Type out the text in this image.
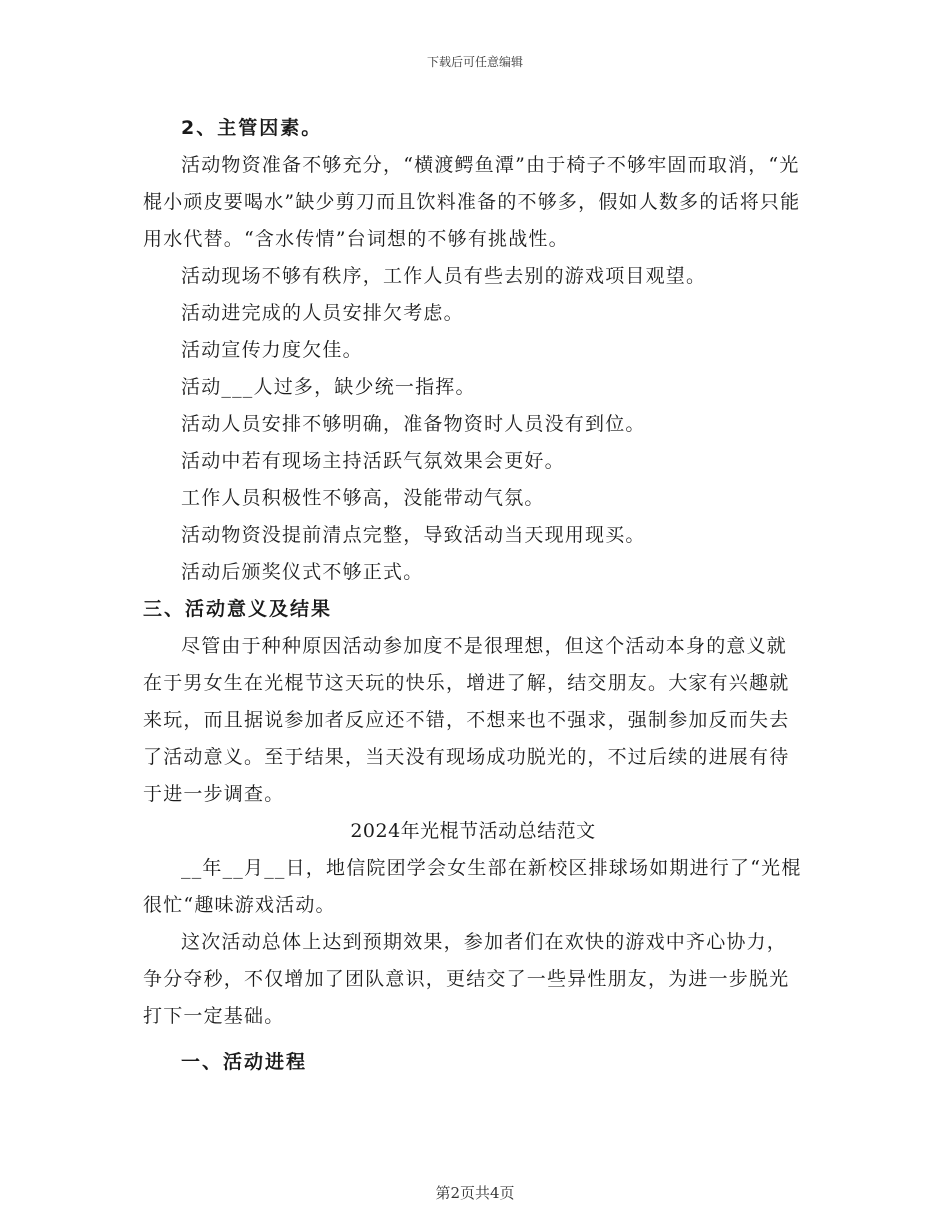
下载后可任意编辑

2、主管因素。

活动物资准备不够充分，“横渡鳄鱼潭”由于椅子不够牢固而取消，“光棍小顽皮要喝水”缺少剪刀而且饮料准备的不够多，假如人数多的话将只能用水代替。“含水传情”台词想的不够有挑战性。

活动现场不够有秩序，工作人员有些去别的游戏项目观望。

活动进完成的人员安排欠考虑。

活动宣传力度欠佳。

活动___人过多，缺少统一指挥。

活动人员安排不够明确，准备物资时人员没有到位。

活动中若有现场主持活跃气氛效果会更好。

工作人员积极性不够高，没能带动气氛。

活动物资没提前清点完整，导致活动当天现用现买。

活动后颁奖仪式不够正式。

三、活动意义及结果

尽管由于种种原因活动参加度不是很理想，但这个活动本身的意义就在于男女生在光棍节这天玩的快乐，增进了解，结交朋友。大家有兴趣就来玩，而且据说参加者反应还不错，不想来也不强求，强制参加反而失去了活动意义。至于结果，当天没有现场成功脱光的，不过后续的进展有待于进一步调查。

2024年光棍节活动总结范文

__年__月__日，地信院团学会女生部在新校区排球场如期进行了“光棍很忙“趣味游戏活动。

这次活动总体上达到预期效果，参加者们在欢快的游戏中齐心协力，争分夺秒，不仅增加了团队意识，更结交了一些异性朋友，为进一步脱光打下一定基础。

一、活动进程

第2页共4页
